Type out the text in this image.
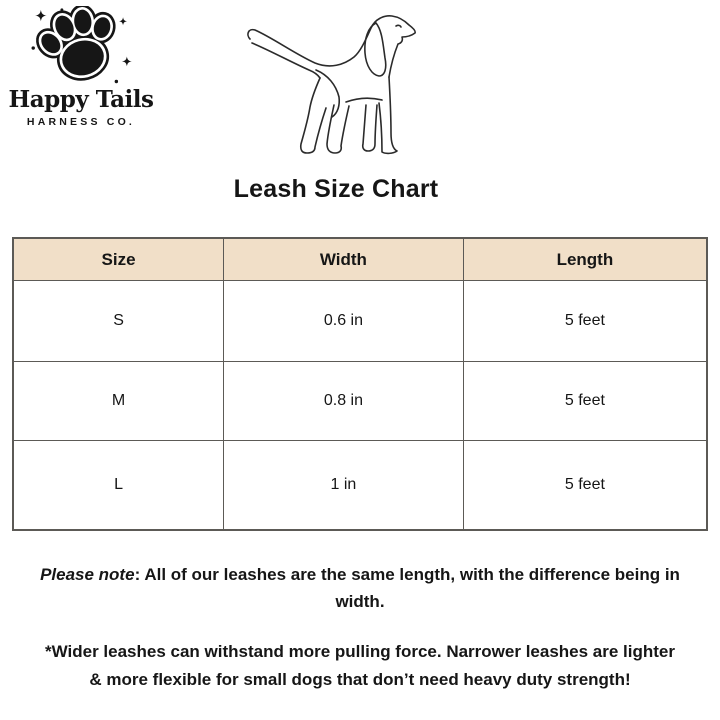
Happy Tails
HARNESS CO.
Leash Size Chart
Size	Width	Length
S	0.6 in	5 feet
M	0.8 in	5 feet
L	1 in	5 feet

Please note: All of our leashes are the same length, with the difference being in width.

*Wider leashes can withstand more pulling force. Narrower leashes are lighter & more flexible for small dogs that don’t need heavy duty strength!
